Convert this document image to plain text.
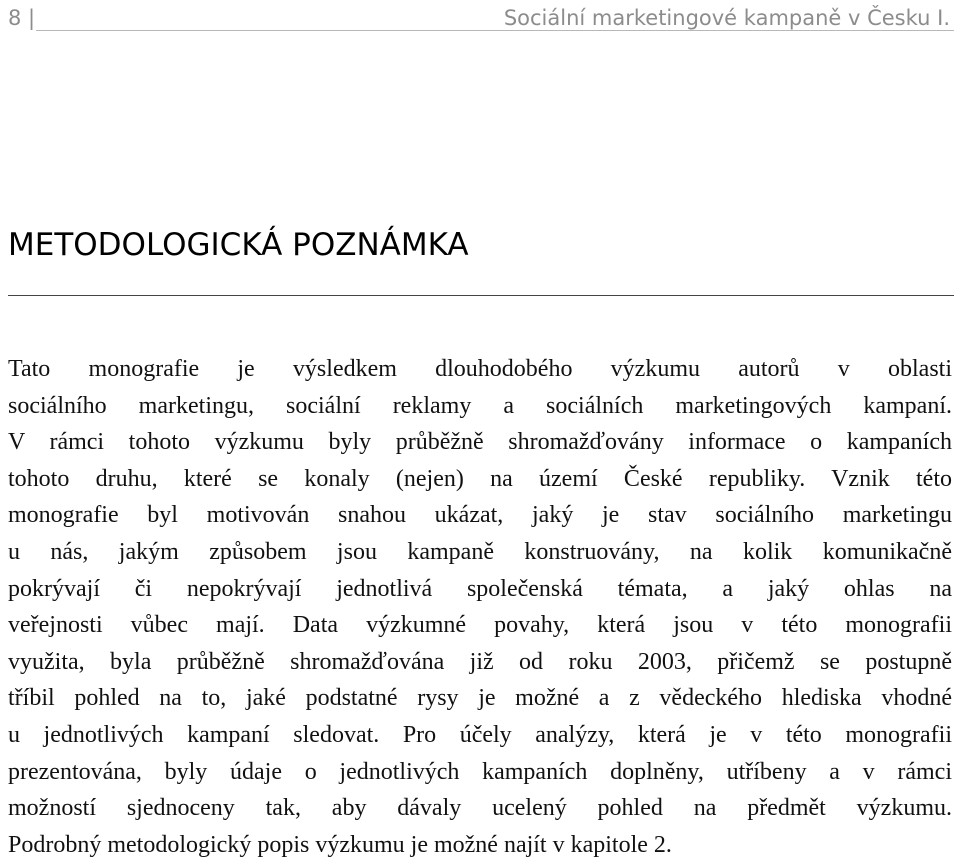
8 |	Sociální marketingové kampaně v Česku I.
METODOLOGICKÁ POZNÁMKA
Tato monografie je výsledkem dlouhodobého výzkumu autorů v oblasti
sociálního marketingu, sociální reklamy a sociálních marketingových kampaní.
V rámci tohoto výzkumu byly průběžně shromažďovány informace o kampaních
tohoto druhu, které se konaly (nejen) na území České republiky. Vznik této
monografie byl motivován snahou ukázat, jaký je stav sociálního marketingu
u nás, jakým způsobem jsou kampaně konstruovány, na kolik komunikačně
pokrývají či nepokrývají jednotlivá společenská témata, a jaký ohlas na
veřejnosti vůbec mají. Data výzkumné povahy, která jsou v této monografii
využita, byla průběžně shromažďována již od roku 2003, přičemž se postupně
tříbil pohled na to, jaké podstatné rysy je možné a z vědeckého hlediska vhodné
u jednotlivých kampaní sledovat. Pro účely analýzy, která je v této monografii
prezentována, byly údaje o jednotlivých kampaních doplněny, utříbeny a v rámci
možností sjednoceny tak, aby dávaly ucelený pohled na předmět výzkumu.
Podrobný metodologický popis výzkumu je možné najít v kapitole 2.
